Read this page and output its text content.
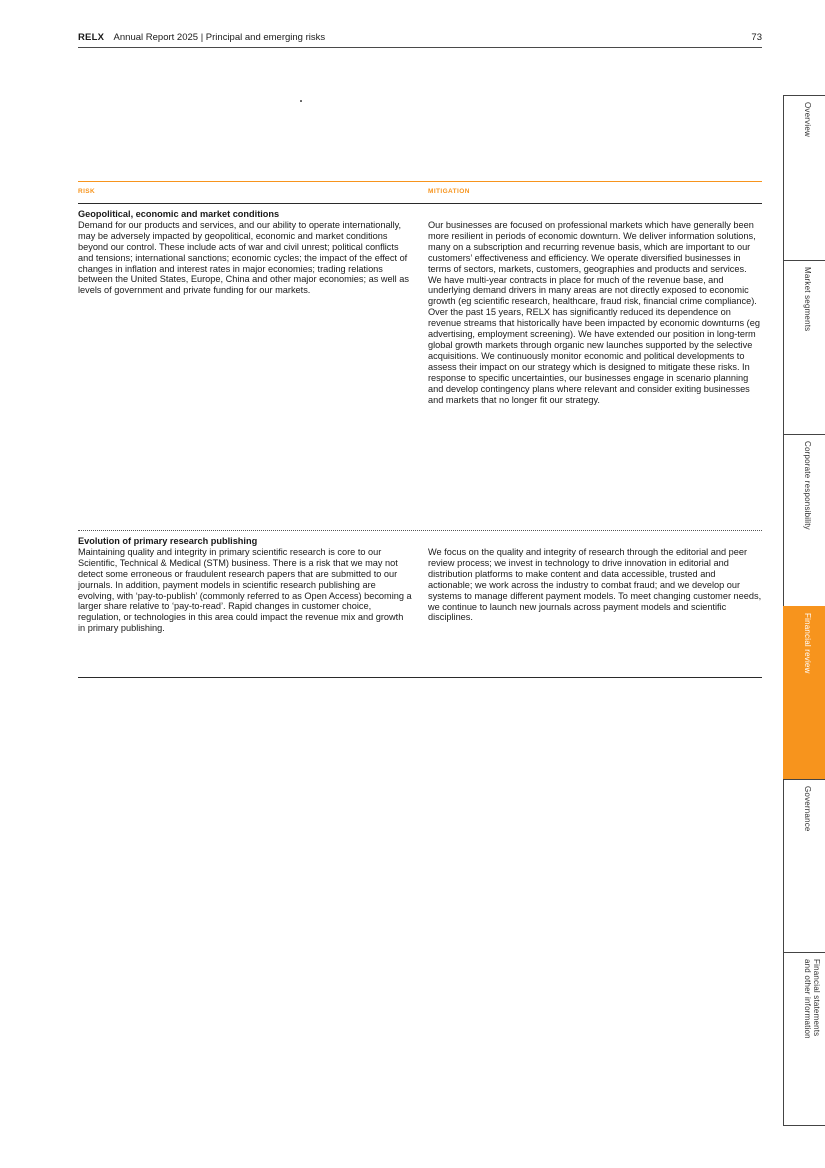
RELX Annual Report 2025 | Principal and emerging risks	73
RISK	MITIGATION
Geopolitical, economic and market conditions
Demand for our products and services, and our ability to operate internationally, may be adversely impacted by geopolitical, economic and market conditions beyond our control. These include acts of war and civil unrest; political conflicts and tensions; international sanctions; economic cycles; the impact of the effect of changes in inflation and interest rates in major economies; trading relations between the United States, Europe, China and other major economies; as well as levels of government and private funding for our markets.
Our businesses are focused on professional markets which have generally been more resilient in periods of economic downturn. We deliver information solutions, many on a subscription and recurring revenue basis, which are important to our customers’ effectiveness and efficiency. We operate diversified businesses in terms of sectors, markets, customers, geographies and products and services. We have multi-year contracts in place for much of the revenue base, and underlying demand drivers in many areas are not directly exposed to economic growth (eg scientific research, healthcare, fraud risk, financial crime compliance). Over the past 15 years, RELX has significantly reduced its dependence on revenue streams that historically have been impacted by economic downturns (eg advertising, employment screening). We have extended our position in long-term global growth markets through organic new launches supported by the selective acquisitions. We continuously monitor economic and political developments to assess their impact on our strategy which is designed to mitigate these risks. In response to specific uncertainties, our businesses engage in scenario planning and develop contingency plans where relevant and consider exiting businesses and markets that no longer fit our strategy.
Evolution of primary research publishing
Maintaining quality and integrity in primary scientific research is core to our Scientific, Technical & Medical (STM) business. There is a risk that we may not detect some erroneous or fraudulent research papers that are submitted to our journals. In addition, payment models in scientific research publishing are evolving, with ‘pay-to-publish’ (commonly referred to as Open Access) becoming a larger share relative to ‘pay-to-read’. Rapid changes in customer choice, regulation, or technologies in this area could impact the revenue mix and growth in primary publishing.
We focus on the quality and integrity of research through the editorial and peer review process; we invest in technology to drive innovation in editorial and distribution platforms to make content and data accessible, trusted and actionable; we work across the industry to combat fraud; and we develop our systems to manage different payment models. To meet changing customer needs, we continue to launch new journals across payment models and scientific disciplines.
Overview
Market segments
Corporate responsibility
Financial review
Governance
Financial statements
and other information
